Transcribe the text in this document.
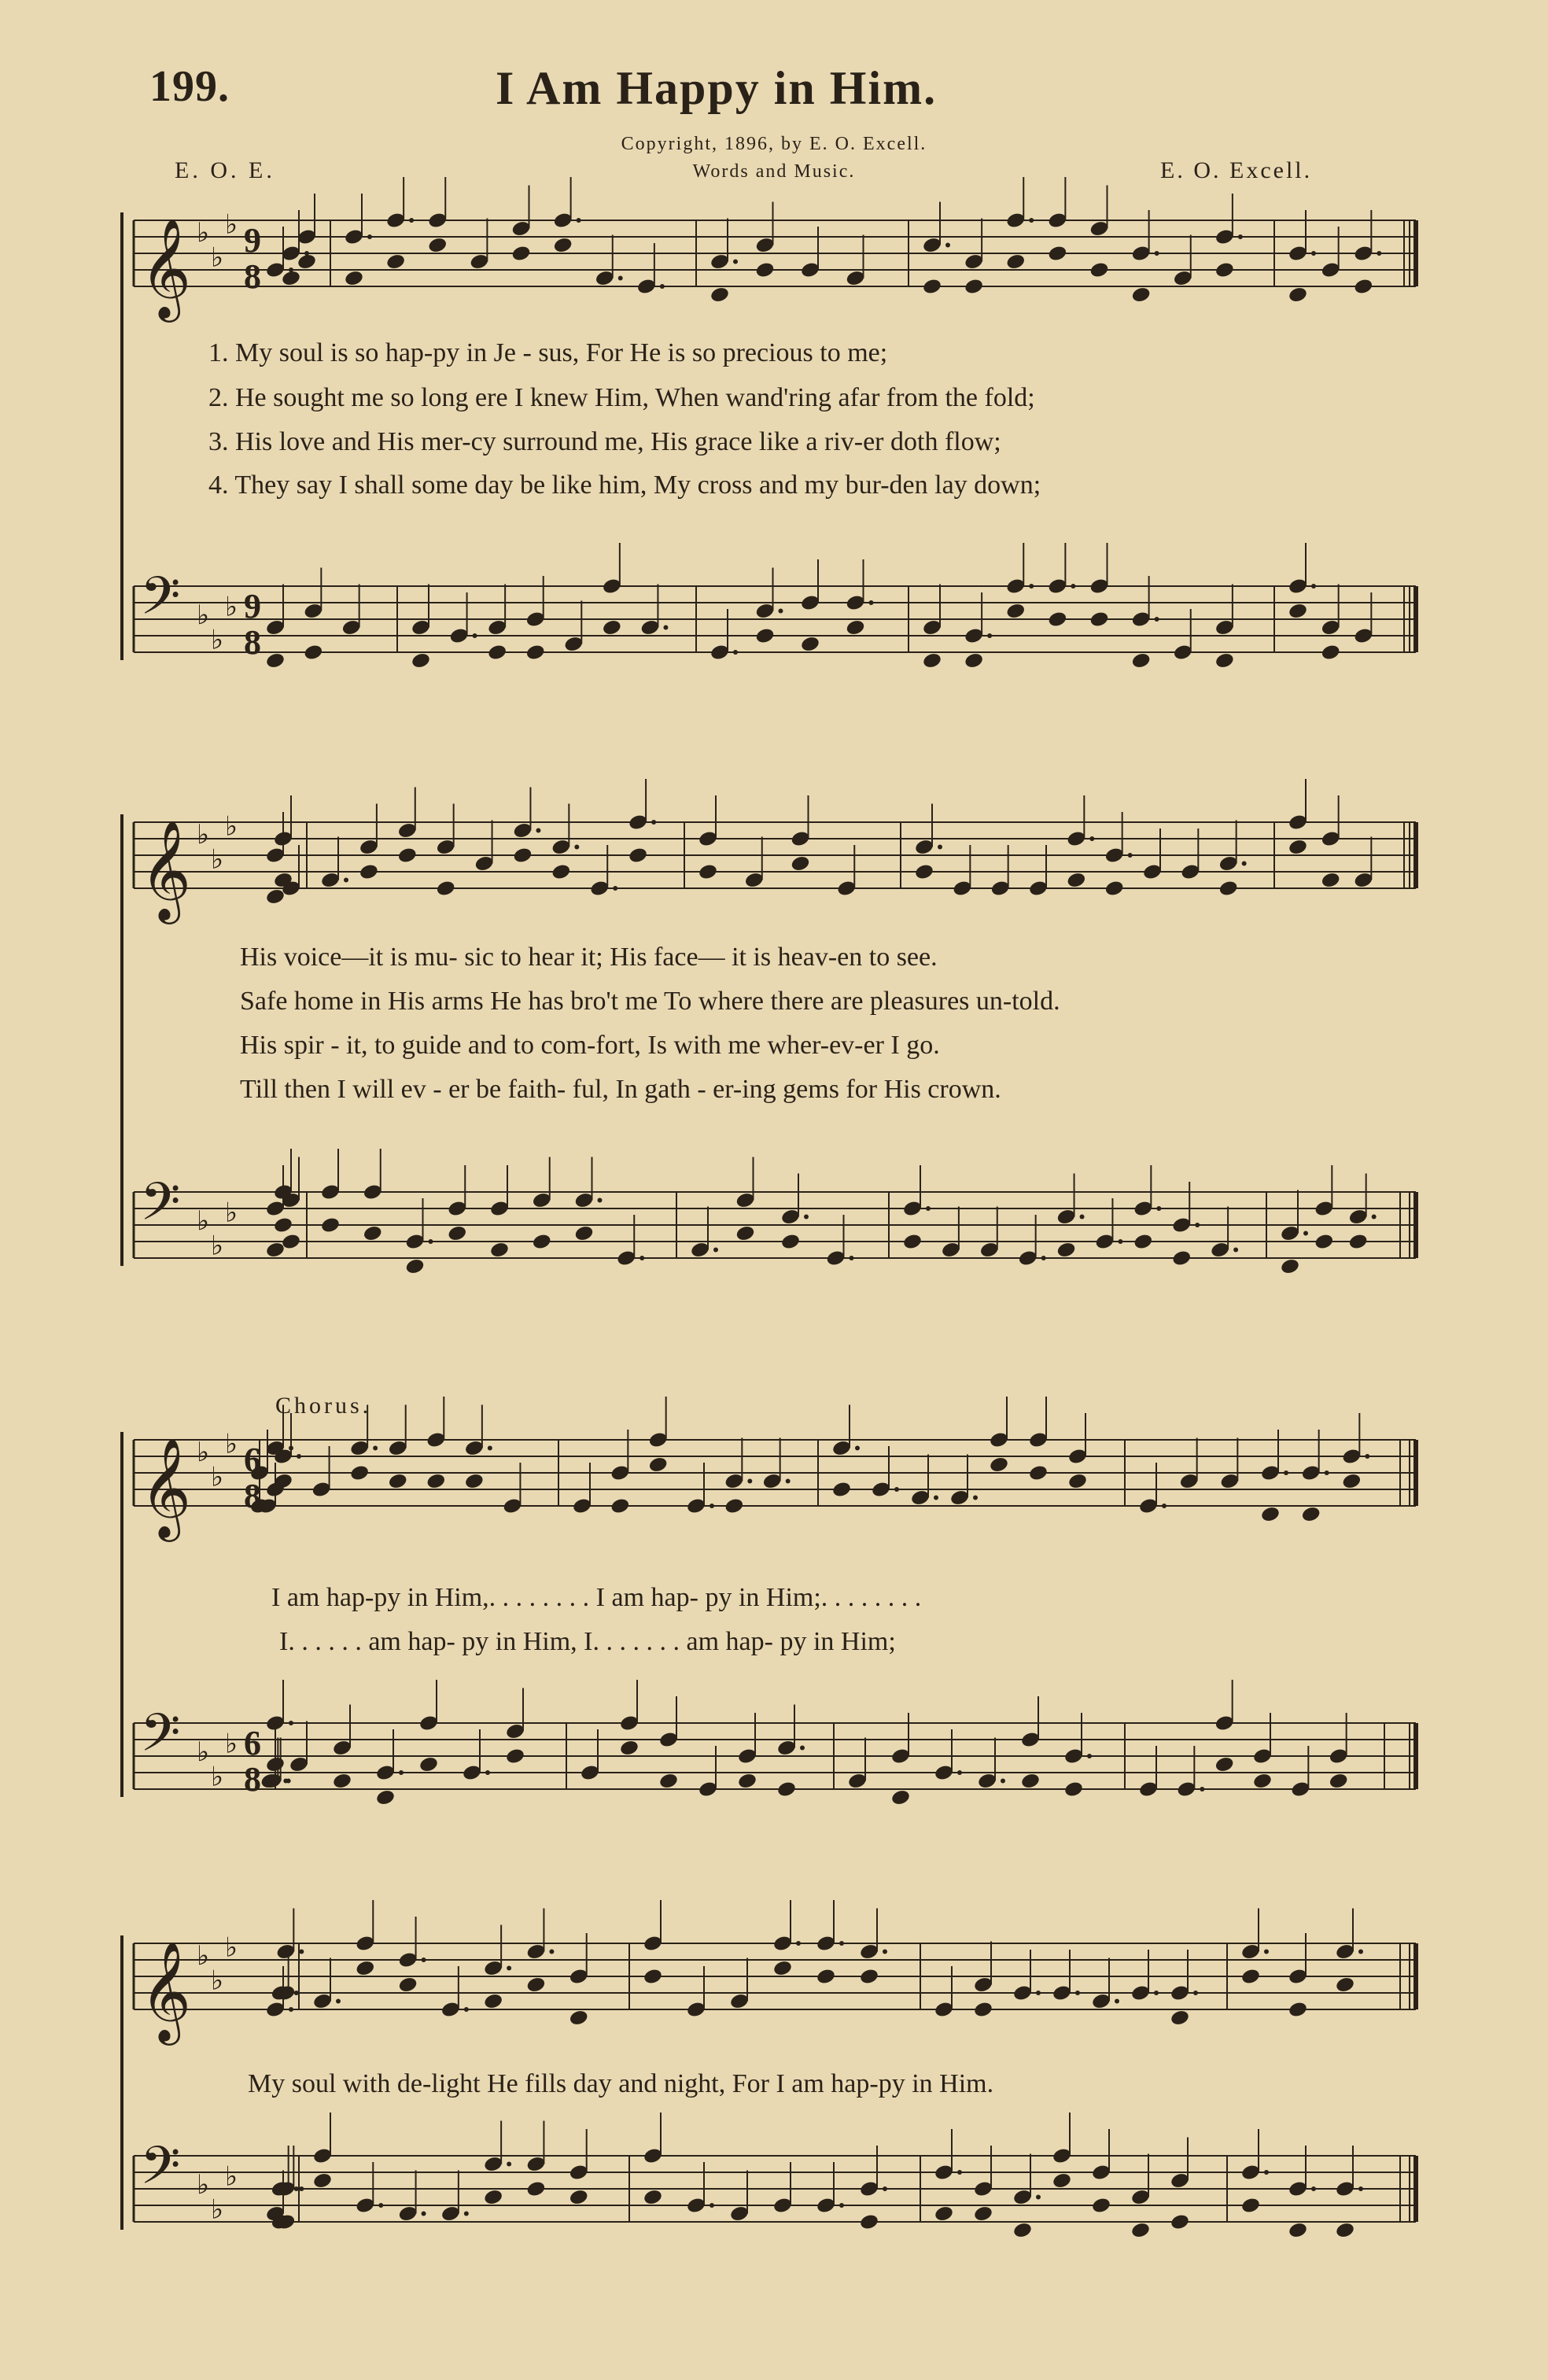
199.	I Am Happy in Him.
Copyright, 1896, by E. O. Excell.
Words and Music.
E. O. E.	E. O. Excell.
𝄞 ♭
♭
♭ 9
8
𝄢 ♭
♭
♭ 9
8
𝄞 ♭
♭
♭
𝄢 ♭
♭
♭
𝄞 ♭
♭
♭ 6
8
𝄢 ♭
♭
♭ 6
8
𝄞 ♭
♭
♭
𝄢 ♭
♭
♭
1. My soul is so hap-py in Je - sus, For He is so precious to me;
2. He sought me so long ere I knew Him, When wand'ring afar from the fold;
3. His love and His mer-cy surround me, His grace like a riv-er doth flow;
4. They say I shall some day be like him, My cross and my bur-den lay down;
His voice—it is mu- sic to hear it; His face— it is heav-en to see.
Safe home in His arms He has bro't me To where there are pleasures un-told.
His spir - it, to guide and to com-fort, Is with me wher-ev-er I go.
Till then I will ev - er be faith- ful, In gath - er-ing gems for His crown.
Chorus.
I am hap-py in Him,. . . . . . . . I am hap- py in Him;. . . . . . . .
I. . . . . . am hap- py in Him, I. . . . . . . am hap- py in Him;
My soul with de-light He fills day and night, For I am hap-py in Him.
